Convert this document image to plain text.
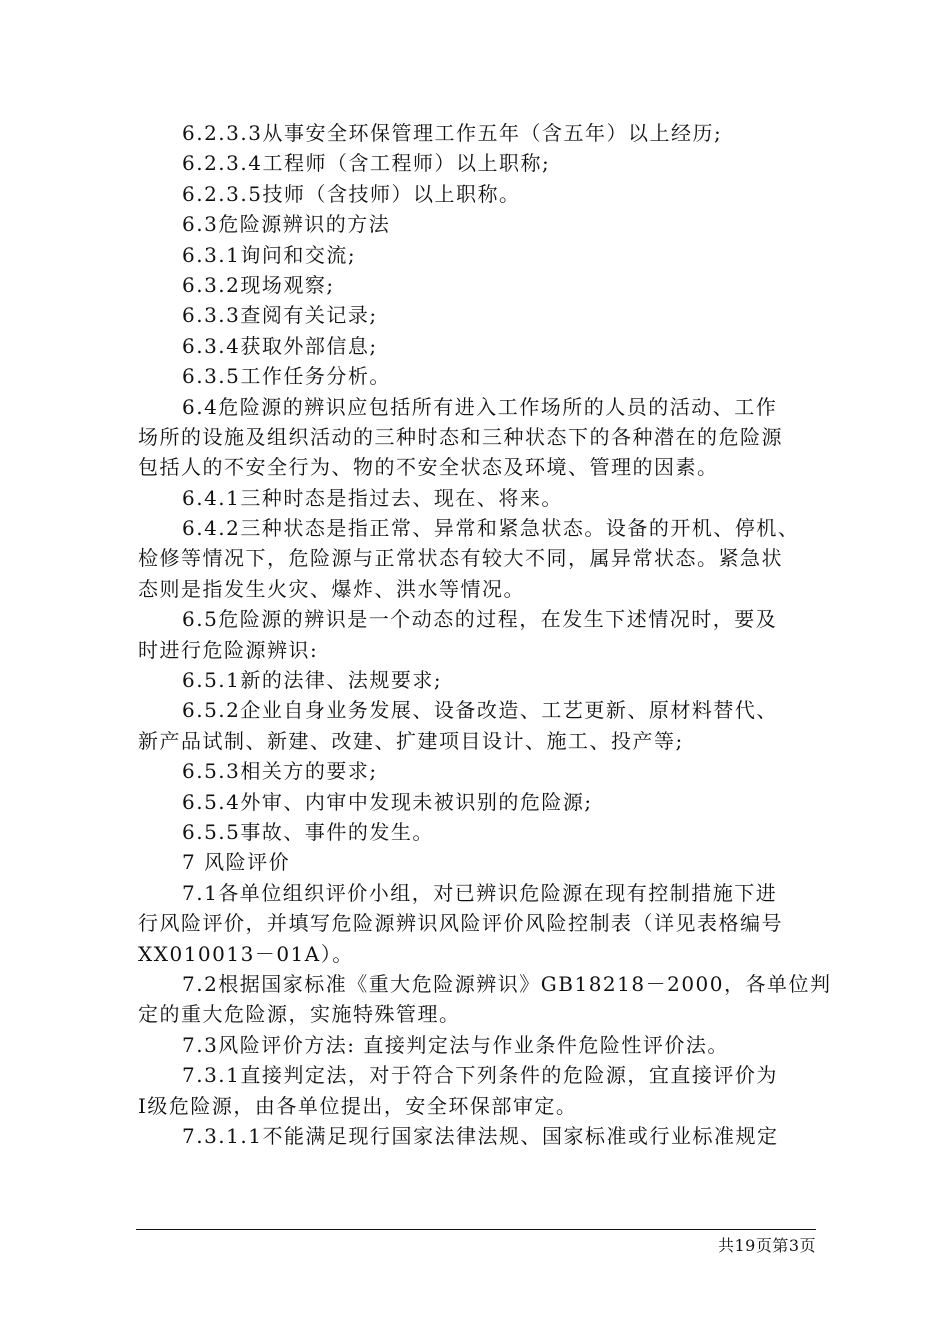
6.2.3.3从事安全环保管理工作五年（含五年）以上经历;
6.2.3.4工程师（含工程师）以上职称;
6.2.3.5技师（含技师）以上职称。
6.3危险源辨识的方法
6.3.1询问和交流;
6.3.2现场观察;
6.3.3查阅有关记录;
6.3.4获取外部信息;
6.3.5工作任务分析。
6.4危险源的辨识应包括所有进入工作场所的人员的活动、工作
场所的设施及组织活动的三种时态和三种状态下的各种潜在的危险源
包括人的不安全行为、物的不安全状态及环境、管理的因素。
6.4.1三种时态是指过去、现在、将来。
6.4.2三种状态是指正常、异常和紧急状态。设备的开机、停机、
检修等情况下，危险源与正常状态有较大不同，属异常状态。紧急状
态则是指发生火灾、爆炸、洪水等情况。
6.5危险源的辨识是一个动态的过程，在发生下述情况时，要及
时进行危险源辨识:
6.5.1新的法律、法规要求;
6.5.2企业自身业务发展、设备改造、工艺更新、原材料替代、
新产品试制、新建、改建、扩建项目设计、施工、投产等;
6.5.3相关方的要求;
6.5.4外审、内审中发现未被识别的危险源;
6.5.5事故、事件的发生。
7 风险评价
7.1各单位组织评价小组，对已辨识危险源在现有控制措施下进
行风险评价，并填写危险源辨识风险评价风险控制表（详见表格编号
XX010013－01A）。
7.2根据国家标准《重大危险源辨识》GB18218－2000，各单位判
定的重大危险源，实施特殊管理。
7.3风险评价方法: 直接判定法与作业条件危险性评价法。
7.3.1直接判定法，对于符合下列条件的危险源，宜直接评价为
Ⅰ级危险源，由各单位提出，安全环保部审定。
7.3.1.1不能满足现行国家法律法规、国家标准或行业标准规定
共19页第3页
